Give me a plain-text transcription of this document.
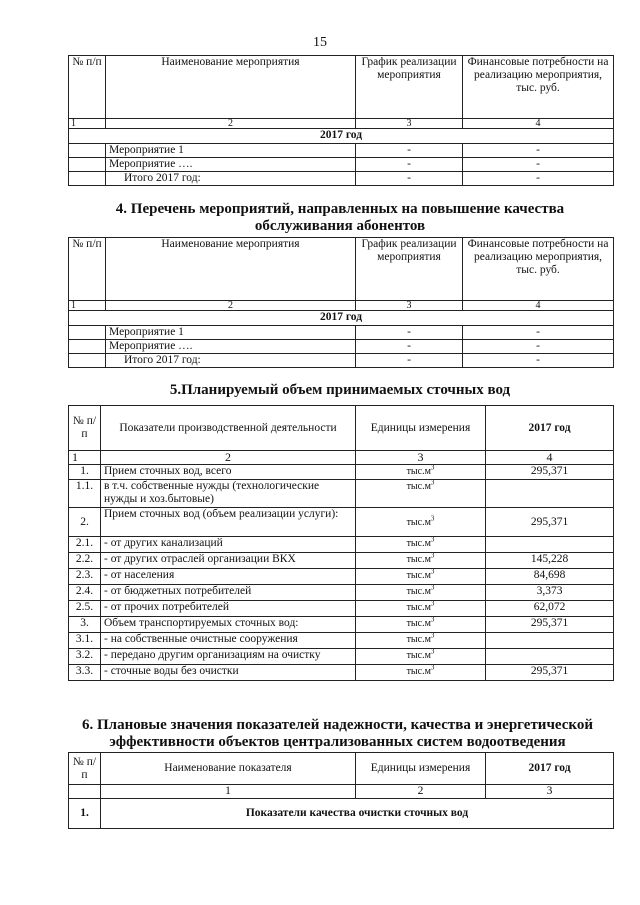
15
№ п/п	Наименование мероприятия	График реализации мероприятия	Финансовые потребности на реализацию мероприятия, тыс. руб.
1	2	3	4
2017 год			
	Мероприятие 1	-	-
	Мероприятие ….	-	-
	Итого 2017 год:	-	-
4. Перечень мероприятий, направленных на повышение качества обслуживания абонентов
№ п/п	Наименование мероприятия	График реализации мероприятия	Финансовые потребности на реализацию мероприятия, тыс. руб.
1	2	3	4
2017 год			
	Мероприятие 1	-	-
	Мероприятие ….	-	-
	Итого 2017 год:	-	-
5.Планируемый объем принимаемых сточных вод
№ п/п	Показатели производственной деятельности	Единицы измерения	2017 год
1	2	3	4
1.	Прием сточных вод, всего	$тыс.м^3$	295,371
1.1.	в т.ч. собственные нужды (технологические нужды и хоз.бытовые)	$тыс.м^3$	
2.	Прием сточных вод (объем реализации услуги):	$тыс.м^3$	295,371
2.1.	- от других канализаций	$тыс.м^3$	
2.2.	- от других отраслей организации ВКХ	$тыс.м^3$	145,228
2.3.	- от населения	$тыс.м^3$	84,698
2.4.	- от бюджетных потребителей	$тыс.м^3$	3,373
2.5.	- от прочих потребителей	$тыс.м^3$	62,072
3.	Объем транспортируемых сточных вод:	$тыс.м^3$	295,371
3.1.	- на собственные очистные сооружения	$тыс.м^3$	
3.2.	- передано другим организациям на очистку	$тыс.м^3$	
3.3.	- сточные воды без очистки	$тыс.м^3$	295,371
6. Плановые значения показателей надежности, качества и энергетической эффективности объектов централизованных систем водоотведения
№ п/п	Наименование показателя	Единицы измерения	2017 год
	1	2	3
1.	Показатели качества очистки сточных вод		
